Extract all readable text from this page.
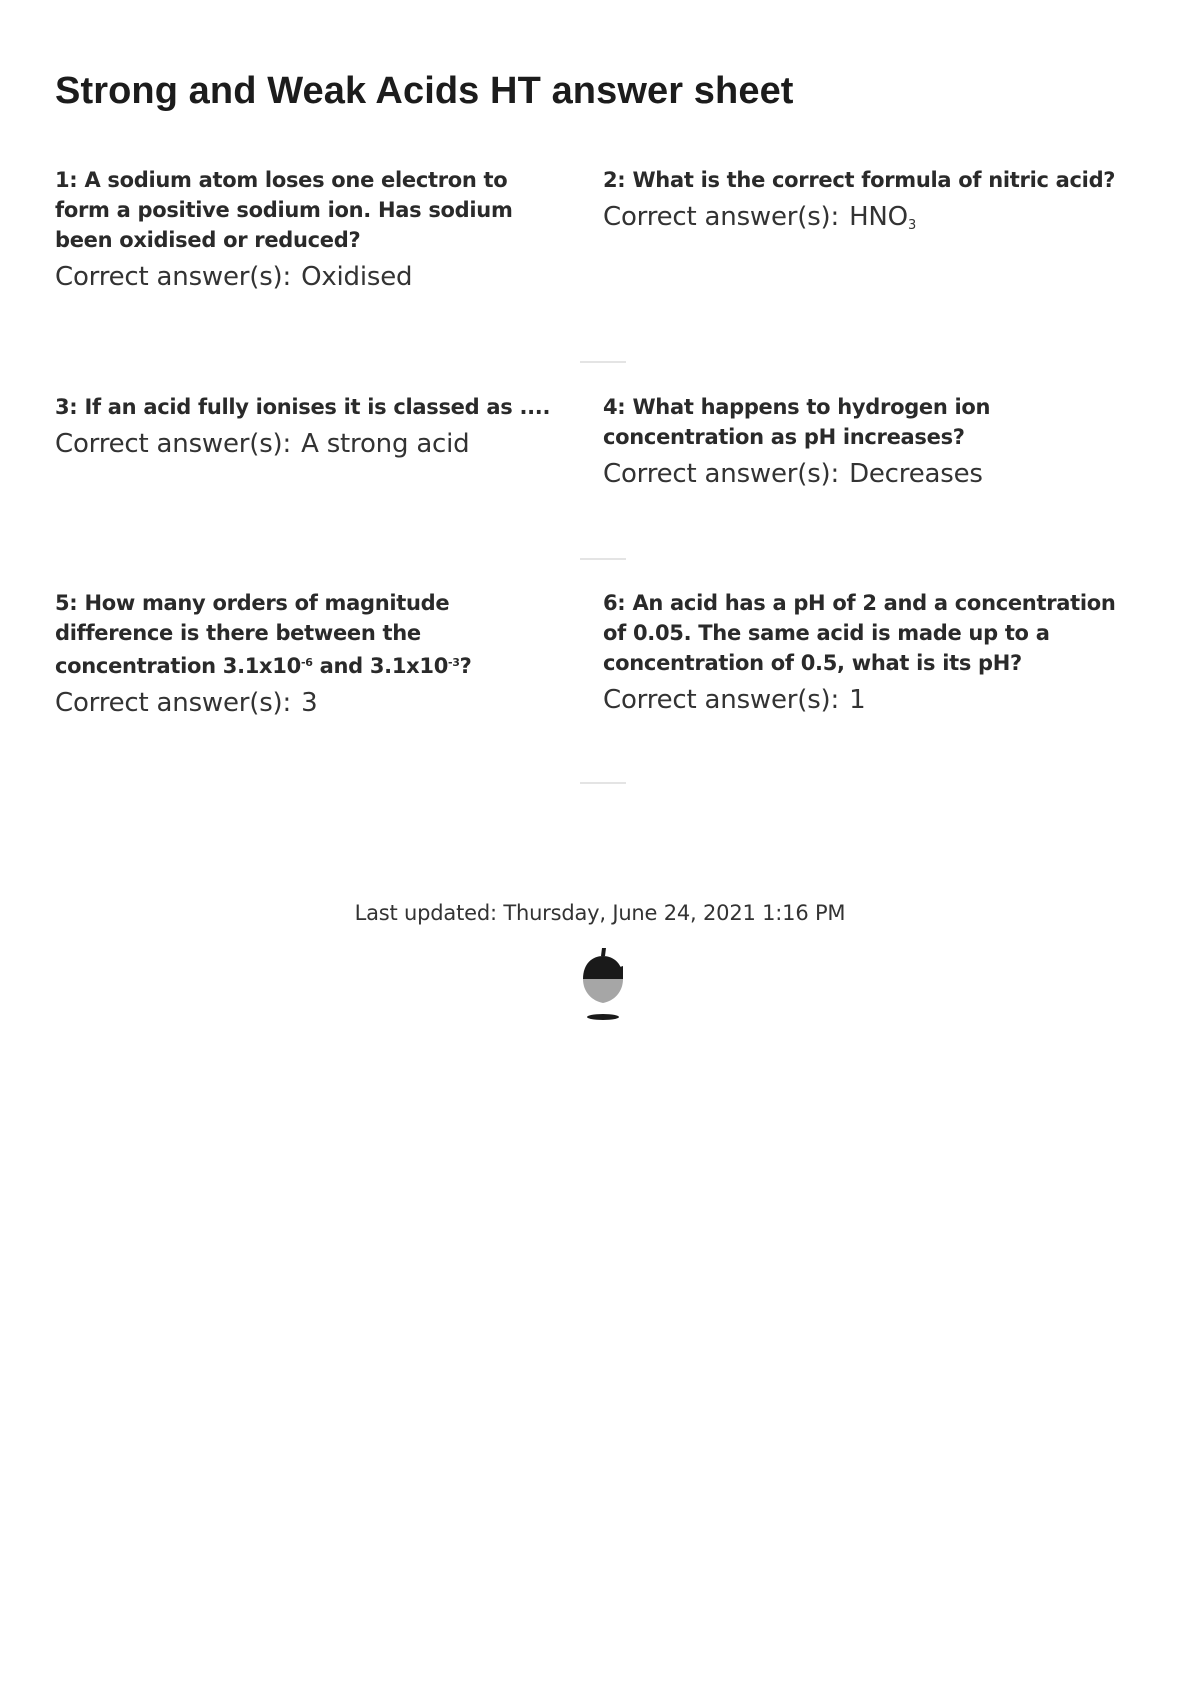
Strong and Weak Acids HT answer sheet

1: A sodium atom loses one electron to form a positive sodium ion. Has sodium been oxidised or reduced?

Correct answer(s): Oxidised

2: What is the correct formula of nitric acid?

Correct answer(s): $HNO_3$

3: If an acid fully ionises it is classed as ....

Correct answer(s): A strong acid

4: What happens to hydrogen ion concentration as pH increases?

Correct answer(s): Decreases

5: How many orders of magnitude difference is there between the concentration $3.1x10^{-6}$ and $3.1x10^{-3}$?

Correct answer(s): 3

6: An acid has a pH of 2 and a concentration of 0.05. The same acid is made up to a concentration of 0.5, what is its pH?

Correct answer(s): 1

Last updated: Thursday, June 24, 2021 1:16 PM
